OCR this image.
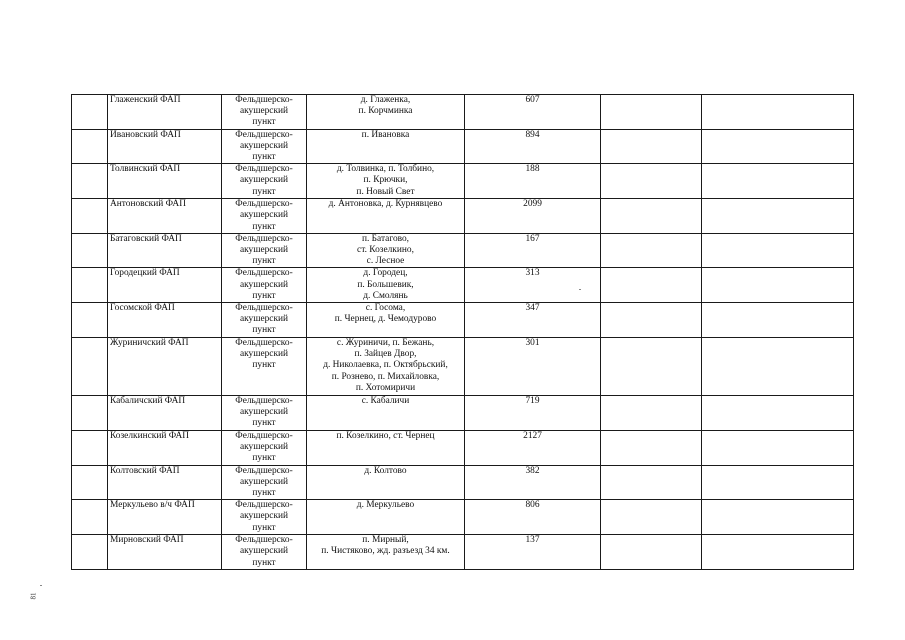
	Глаженский ФАП	Фельдшерско-
акушерский
пункт	д. Глаженка,
п. Корчминка	607		
	Ивановский ФАП	Фельдшерско-
акушерский
пункт	п. Ивановка	894		
	Толвинский ФАП	Фельдшерско-
акушерский
пункт	д. Толвинка, п. Толбино,
п. Крючки,
п. Новый Свет	188		
	Антоновский ФАП	Фельдшерско-
акушерский
пункт	д. Антоновка, д. Курнявцево	2099		
	Батаговский ФАП	Фельдшерско-
акушерский
пункт	п. Батагово,
ст. Козелкино,
с. Лесное	167		
	Городецкий ФАП	Фельдшерско-
акушерский
пункт	д. Городец,
п. Большевик,
д. Смолянь	313		
	Госомской ФАП	Фельдшерско-
акушерский
пункт	с. Госома,
п. Чернец, д. Чемодурово	347		
	Журиничский ФАП	Фельдшерско-
акушерский
пункт	с. Журиничи, п. Бежань,
п. Зайцев Двор,
д. Николаевка, п. Октябрьский,
п. Рознево, п. Михайловка,
п. Хотомиричи	301		
	Кабаличский ФАП	Фельдшерско-
акушерский
пункт	с. Кабаличи	719		
	Козелкинский ФАП	Фельдшерско-
акушерский
пункт	п. Козелкино, ст. Чернец	2127		
	Колтовский ФАП	Фельдшерско-
акушерский
пункт	д. Колтово	382		
	Меркульево в/ч ФАП	Фельдшерско-
акушерский
пункт	д. Меркульево	806		
	Мирновский ФАП	Фельдшерско-
акушерский
пункт	п. Мирный,
п. Чистяково, жд. разъезд 34 км.	137		
81
